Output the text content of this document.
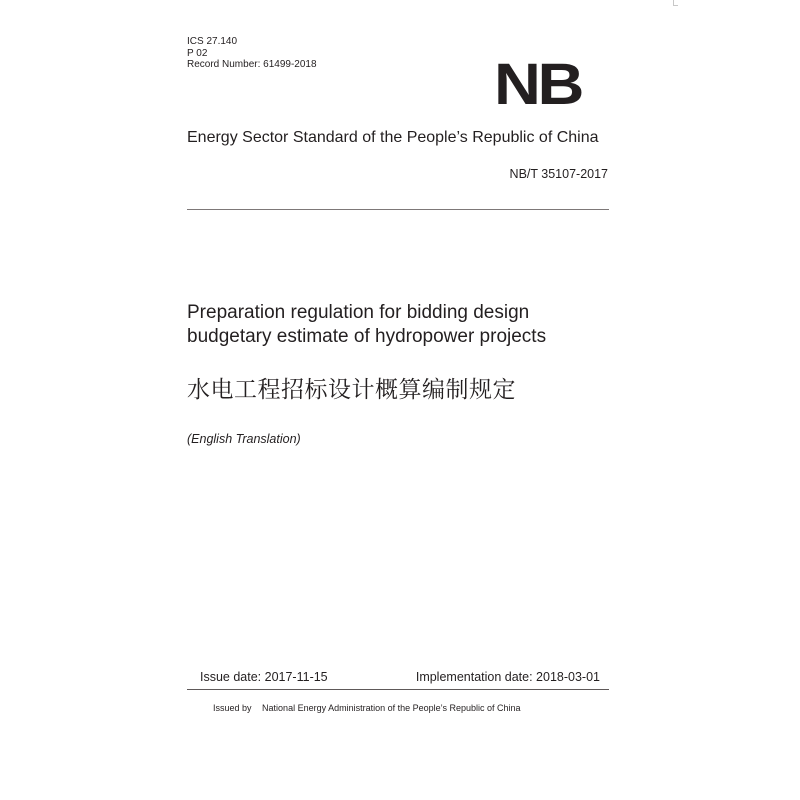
ICS 27.140
P 02
Record Number: 61499-2018	NB
Energy Sector Standard of the People’s Republic of China
NB/T 35107-2017
Preparation regulation for bidding design
budgetary estimate of hydropower projects
水电工程招标设计概算编制规定
(English Translation)
Issue date: 2017-11-15	Implementation date: 2018-03-01
Issued by National Energy Administration of the People’s Republic of China
